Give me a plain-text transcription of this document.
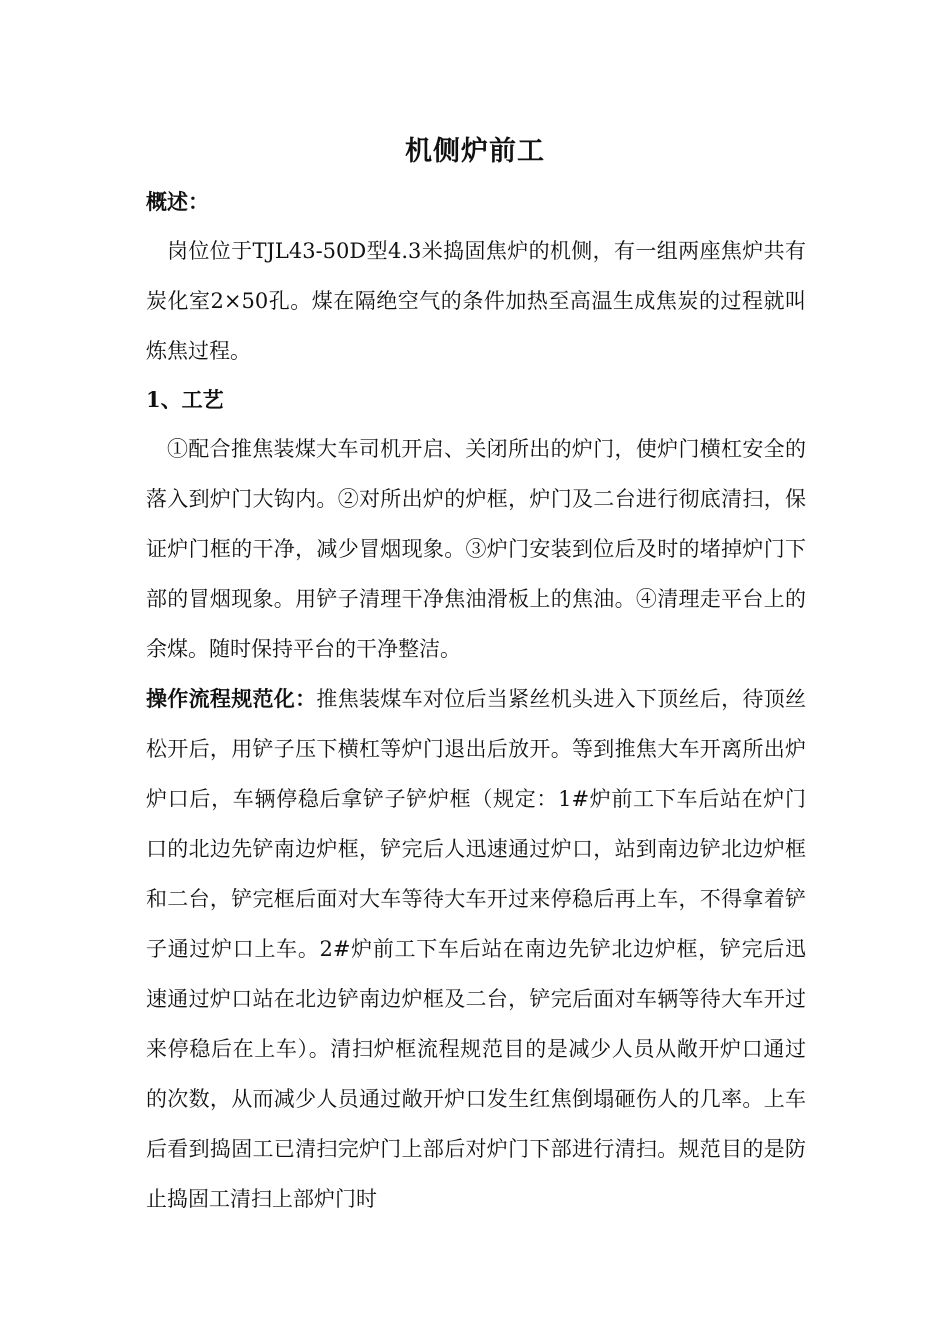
机侧炉前工
概述：
岗位位于TJL43-50D型4.3米捣固焦炉的机侧，有一组两座焦炉共有炭化室2×50孔。煤在隔绝空气的条件加热至高温生成焦炭的过程就叫炼焦过程。
1、工艺
①配合推焦装煤大车司机开启、关闭所出的炉门，使炉门横杠安全的落入到炉门大钩内。②对所出炉的炉框，炉门及二台进行彻底清扫，保证炉门框的干净，减少冒烟现象。③炉门安装到位后及时的堵掉炉门下部的冒烟现象。用铲子清理干净焦油滑板上的焦油。④清理走平台上的余煤。随时保持平台的干净整洁。
操作流程规范化：推焦装煤车对位后当紧丝机头进入下顶丝后，待顶丝松开后，用铲子压下横杠等炉门退出后放开。等到推焦大车开离所出炉炉口后，车辆停稳后拿铲子铲炉框（规定：1#炉前工下车后站在炉门口的北边先铲南边炉框，铲完后人迅速通过炉口，站到南边铲北边炉框和二台，铲完框后面对大车等待大车开过来停稳后再上车，不得拿着铲子通过炉口上车。2#炉前工下车后站在南边先铲北边炉框，铲完后迅速通过炉口站在北边铲南边炉框及二台，铲完后面对车辆等待大车开过来停稳后在上车）。清扫炉框流程规范目的是减少人员从敞开炉口通过的次数，从而减少人员通过敞开炉口发生红焦倒塌砸伤人的几率。上车后看到捣固工已清扫完炉门上部后对炉门下部进行清扫。规范目的是防止捣固工清扫上部炉门时
